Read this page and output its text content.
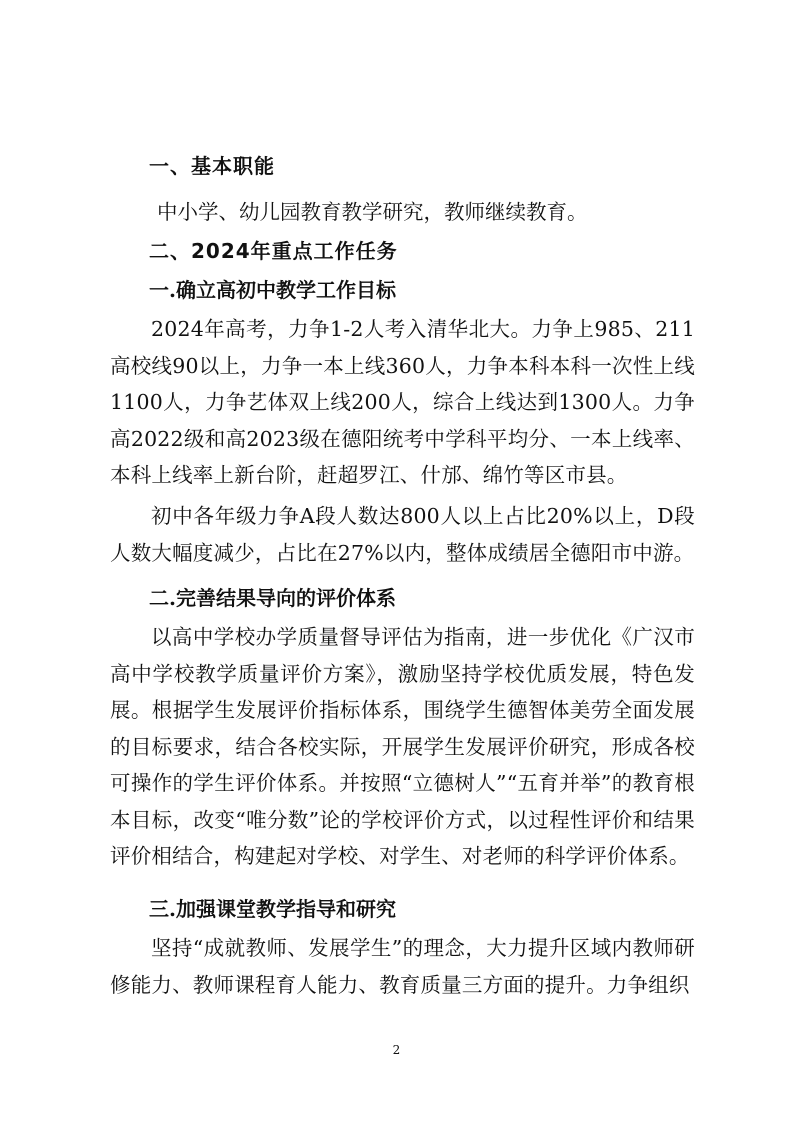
一、基本职能
中小学、幼儿园教育教学研究，教师继续教育。
二、2024年重点工作任务
一.确立高初中教学工作目标
2024年高考，力争1-2人考入清华北大。力争上985、211高校线90以上，力争一本上线360人，力争本科本科一次性上线1100人，力争艺体双上线200人，综合上线达到1300人。力争高2022级和高2023级在德阳统考中学科平均分、一本上线率、本科上线率上新台阶，赶超罗江、什邡、绵竹等区市县。
初中各年级力争A段人数达800人以上占比20%以上，D段人数大幅度减少，占比在27%以内，整体成绩居全德阳市中游。
二.完善结果导向的评价体系
以高中学校办学质量督导评估为指南，进一步优化《广汉市高中学校教学质量评价方案》，激励坚持学校优质发展，特色发展。根据学生发展评价指标体系，围绕学生德智体美劳全面发展的目标要求，结合各校实际，开展学生发展评价研究，形成各校可操作的学生评价体系。并按照“立德树人”“五育并举”的教育根本目标，改变“唯分数”论的学校评价方式，以过程性评价和结果评价相结合，构建起对学校、对学生、对老师的科学评价体系。
三.加强课堂教学指导和研究
坚持“成就教师、发展学生”的理念，大力提升区域内教师研修能力、教师课程育人能力、教育质量三方面的提升。力争组织
2
